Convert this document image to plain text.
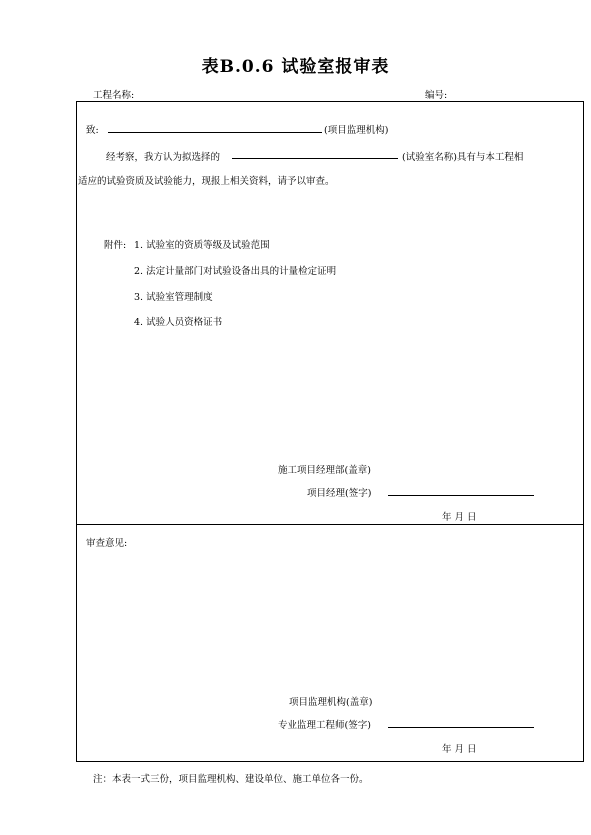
表B.0.6 试验室报审表
工程名称:	编号:
致:	(项目监理机构)
经考察，我方认为拟选择的	(试验室名称)具有与本工程相
适应的试验资质及试验能力，现报上相关资料，请予以审查。
附件: 1. 试验室的资质等级及试验范围
2. 法定计量部门对试验设备出具的计量检定证明
3. 试验室管理制度
4. 试验人员资格证书
施工项目经理部(盖章)
项目经理(签字)
年 月 日
审查意见:
项目监理机构(盖章)
专业监理工程师(签字)
年 月 日
注：本表一式三份，项目监理机构、建设单位、施工单位各一份。
